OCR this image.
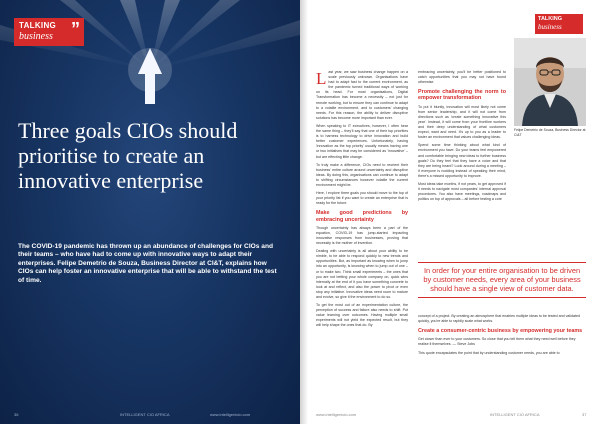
TALKING
business ”
Three goals CIOs should prioritise to create an innovative enterprise
The COVID-19 pandemic has thrown up an abundance of challenges for CIOs and their teams – who have had to come up with innovative ways to adapt their enterprises. Felipe Demetrio de Souza, Business Director at CI&T, explains how CIOs can help foster an innovative enterprise that will be able to withstand the test of time.
36	INTELLIGENT CIO AFRICA	www.intelligentcio.com
TALKING
business

Last year, we saw business change happen on a scale previously unknown. Organisations have had to adapt fast to the current environment, as the pandemic turned traditional ways of working on its head. For most organisations, Digital Transformation has become a necessity – not just for remote working, but to ensure they can continue to adapt to a volatile environment, and to customers' changing needs. For this reason, the ability to deliver disruptive solutions has become more important than ever.

When speaking to IT executives, however, I often hear the same thing – they'll say that one of their top priorities is to harness technology to drive innovation and build better customer experiences. Unfortunately, having 'innovation as the top priority' usually means having one or two initiatives that may be considered as 'innovative' – but are effecting little change.

To truly make a difference, CIOs need to reorient their business' entire culture around uncertainty and disruptive ideas. By doing this, organisations can continue to adapt to shifting circumstances however volatile the current environment might be.

Here, I explore three goals you should move to the top of your priority list if you want to create an enterprise that is ready for the future.

Make good predictions by embracing uncertainty

Though uncertainty has always been a part of the equation, COVID-19 has jump-started impacting innovative responses from businesses, proving that necessity is the mother of invention.

Dealing with uncertainty is all about your ability to be nimble, to be able to respond quickly to new trends and opportunities. But, as important as knowing when to jump into an opportunity, is knowing when to jump out of one – or to make two. Think small experiments – the ones that you are not betting your whole company on, quick wins internally at the end of it you have something concrete to look at and reflect, and also the power to pivot or even stop any initiative. Innovative ideas need room to mature and evolve, so give it the environment to do so.

To get the most out of an experimentation culture, the perception of success and failure also needs to shift. Put value learning over outcomes. Having multiple small experiments will not yield the expected result, but they will help shape the ones that do. By

embracing uncertainty, you'll be better positioned to catch opportunities that you may not have found otherwise.

Promote challenging the norm to empower transformation

To put it bluntly, innovation will most likely not come from senior leadership, and it will not come from directions such as 'create something innovative this year'. Instead, it will come from your frontline workers and their deep understanding of what customers expect, want and need. It's up to you as a leader to foster an environment that values challenging ideas.

Spend some time thinking about what kind of environment you have. Do your teams feel empowered and comfortable bringing new ideas to further business goals? Do they feel that they have a voice and that they are being heard? Look around during a meeting – if everyone is nodding instead of speaking their mind, there's a missed opportunity to improve.

Most ideas take months, if not years, to get approved if it needs to navigate most companies' internal approval procedures. You also have meetings, roadmaps and politics on top of approvals – all before testing a core

Felipe Demetrio de Souza, Business Director at CI&T
In order for your entire organisation to be driven by customer needs, every area of your business should have a single view of customer data.

concept of a project. By creating an atmosphere that enables multiple ideas to be tested and validated quickly, you're able to rapidly scale what works.

Create a consumer-centric business by empowering your teams

Get closer than ever to your customers. So close that you tell them what they need well before they realise it themselves. — Steve Jobs

This quote encapsulates the point that by understanding customer needs, you are able to

www.intelligentcio.com	INTELLIGENT CIO AFRICA	37
